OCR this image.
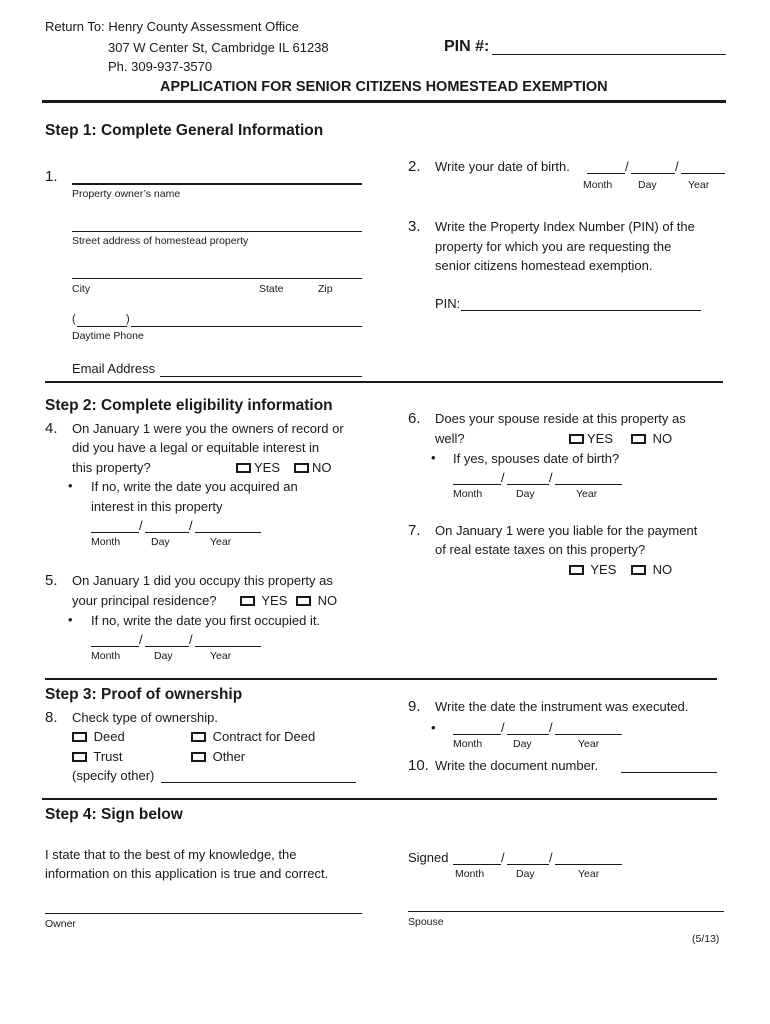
Return To: Henry County Assessment Office
307 W Center St, Cambridge IL 61238
Ph. 309-937-3570
PIN #:
APPLICATION FOR SENIOR CITIZENS HOMESTEAD EXEMPTION
Step 1: Complete General Information
1.
Property owner’s name
Street address of homestead property
City	State	Zip
(	)
Daytime Phone
Email Address
2. Write your date of birth.	/	/
Month Day	Year
3. Write the Property Index Number (PIN) of the
property for which you are requesting the
senior citizens homestead exemption.
PIN:
Step 2: Complete eligibility information
4. On January 1 were you the owners of record or
did you have a legal or equitable interest in
this property?	YES	NO
• If no, write the date you acquired an
interest in this property
/	/
Month	Day	Year
5. On January 1 did you occupy this property as
your principal residence?	YES	NO
• If no, write the date you first occupied it.
/	/
Month	Day	Year
6. Does your spouse reside at this property as
well?	YES	NO
• If yes, spouses date of birth?
/	/
Month	Day	Year
7. On January 1 were you liable for the payment
of real estate taxes on this property?
YES	NO
Step 3: Proof of ownership
8. Check type of ownership.
Deed	Contract for Deed
Trust	Other
(specify other)
9. Write the date the instrument was executed.
•	/	/
Month	Day	Year
10. Write the document number.
Step 4: Sign below
I state that to the best of my knowledge, the
information on this application is true and correct.
Signed	/	/
Month	Day	Year
Owner	Spouse
(5/13)
